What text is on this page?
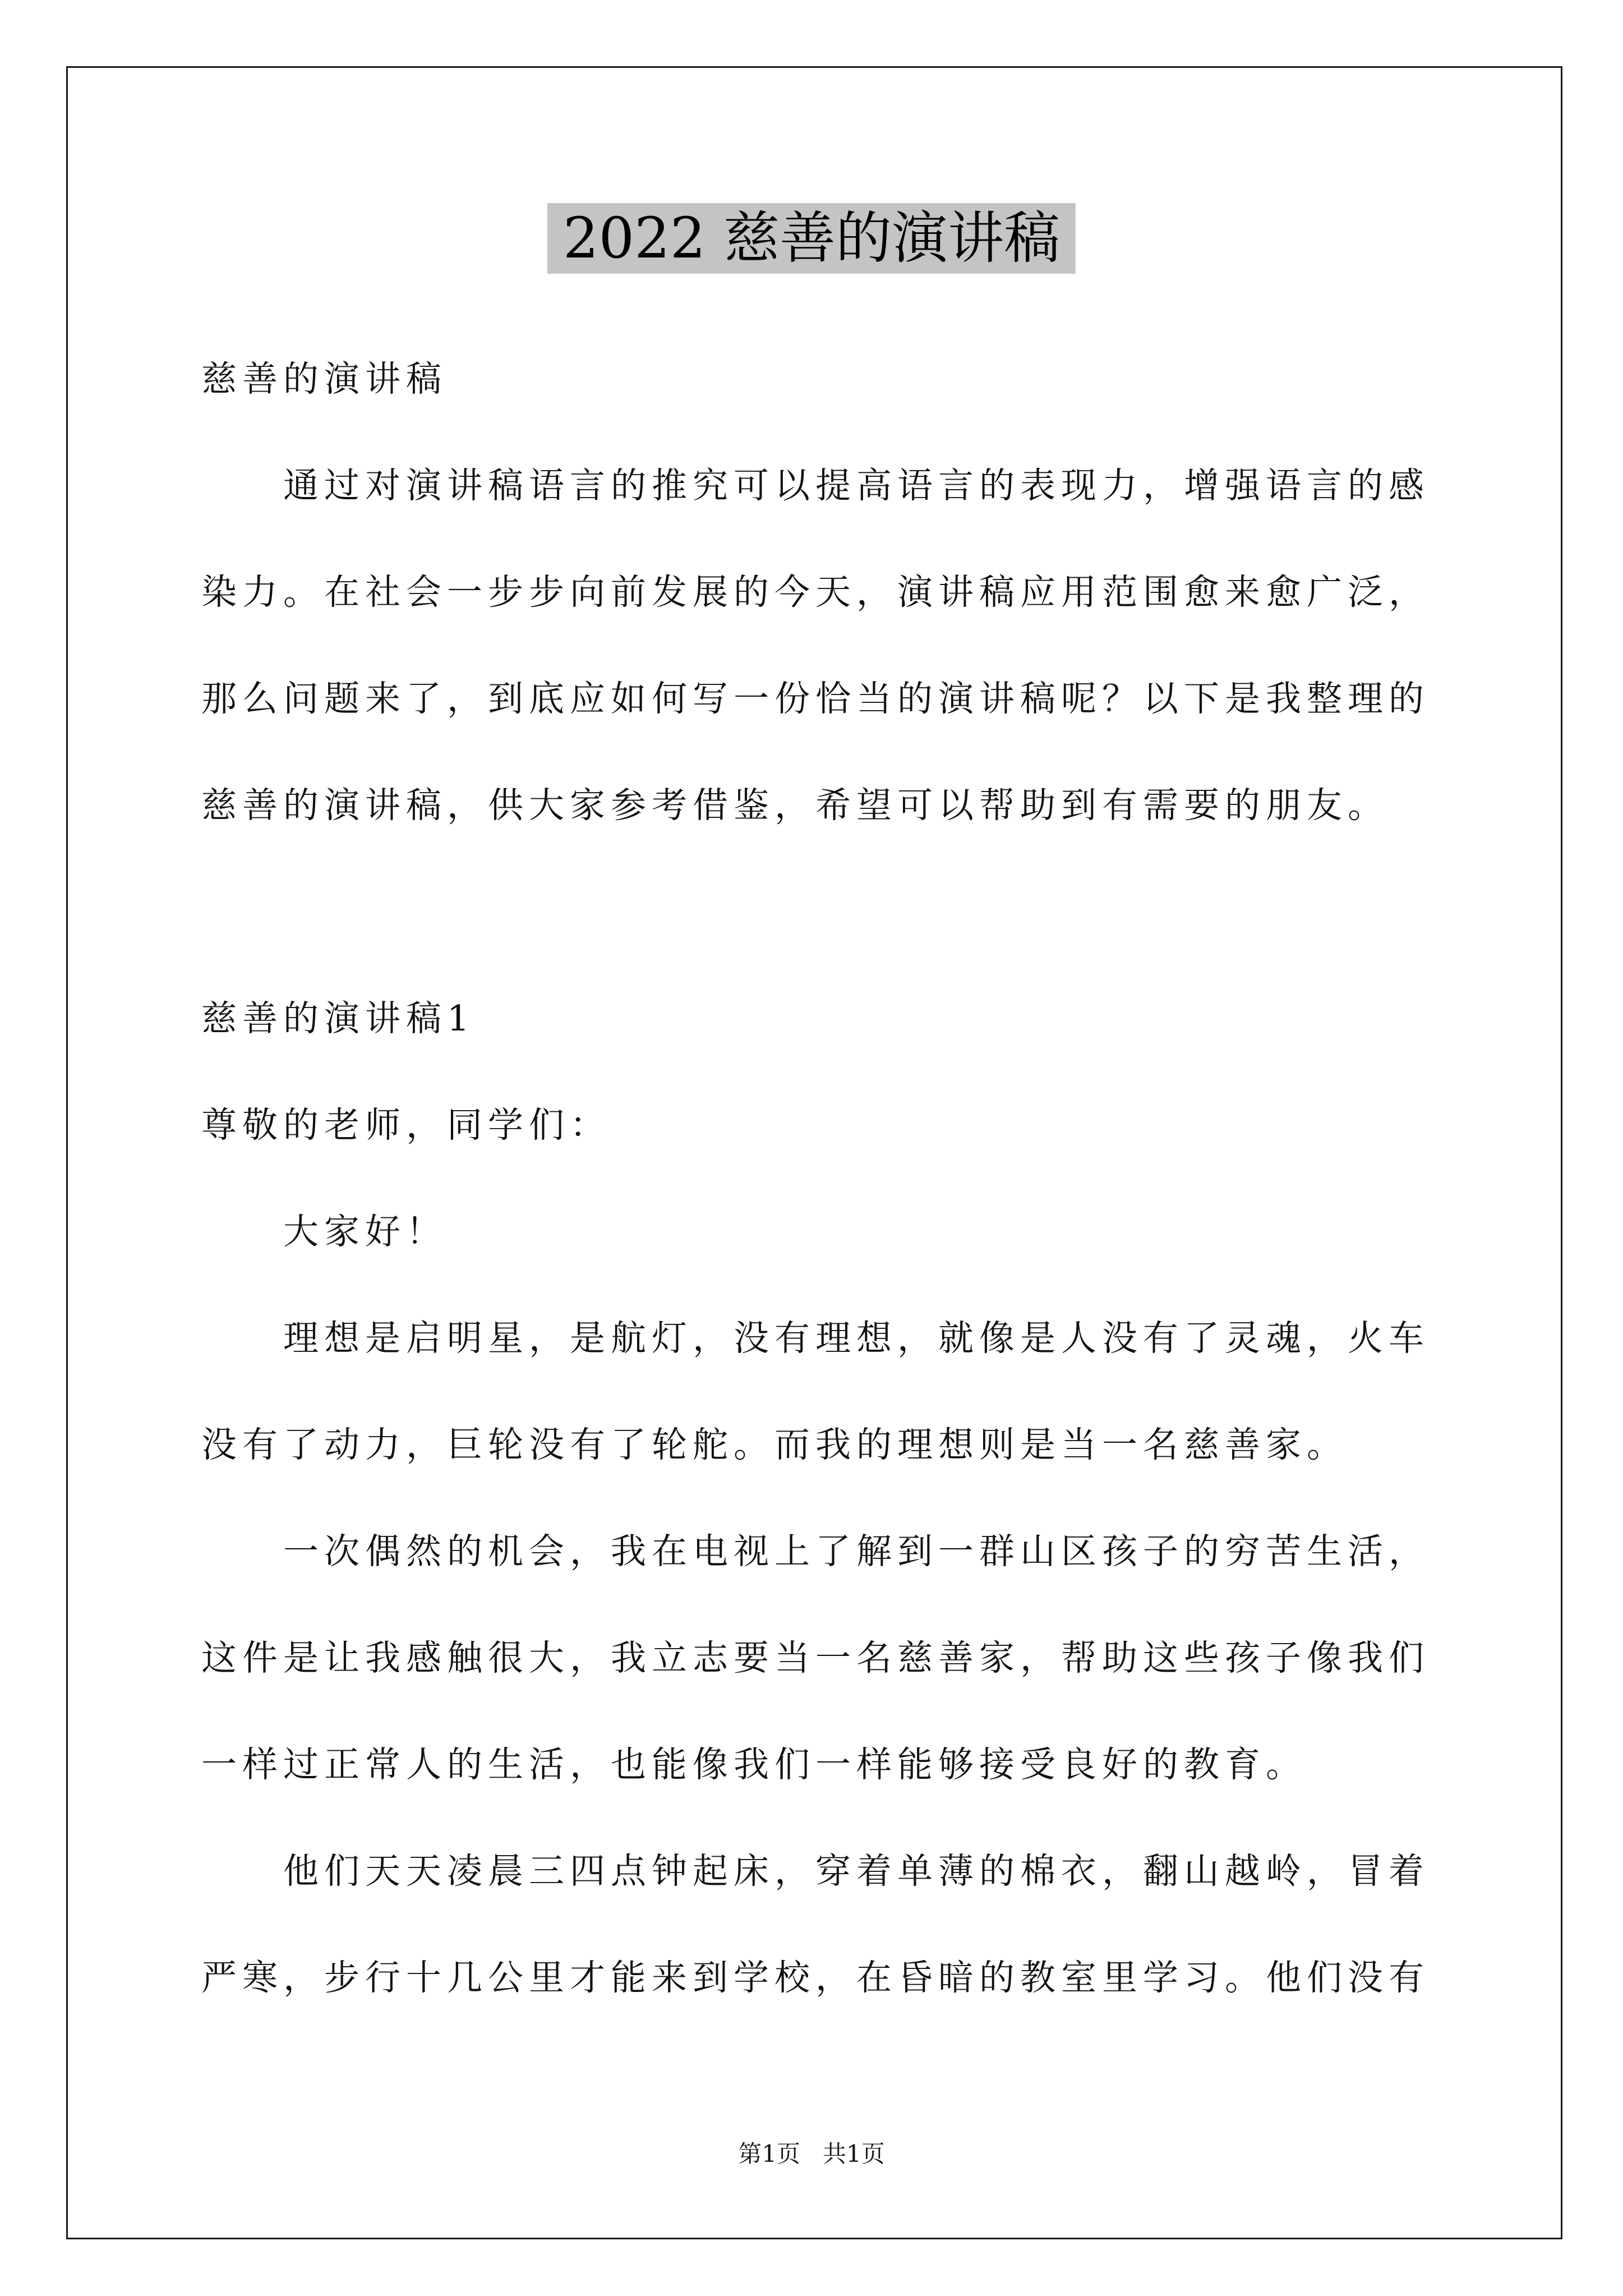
2022 慈善的演讲稿
慈善的演讲稿
通过对演讲稿语言的推究可以提高语言的表现力，增强语言的感
染力。在社会一步步向前发展的今天，演讲稿应用范围愈来愈广泛，
那么问题来了，到底应如何写一份恰当的演讲稿呢？以下是我整理的
慈善的演讲稿，供大家参考借鉴，希望可以帮助到有需要的朋友。
慈善的演讲稿1
尊敬的老师，同学们：
大家好！
理想是启明星，是航灯，没有理想，就像是人没有了灵魂，火车
没有了动力，巨轮没有了轮舵。而我的理想则是当一名慈善家。
一次偶然的机会，我在电视上了解到一群山区孩子的穷苦生活，
这件是让我感触很大，我立志要当一名慈善家，帮助这些孩子像我们
一样过正常人的生活，也能像我们一样能够接受良好的教育。
他们天天凌晨三四点钟起床，穿着单薄的棉衣，翻山越岭，冒着
严寒，步行十几公里才能来到学校，在昏暗的教室里学习。他们没有
第1页   共1页
